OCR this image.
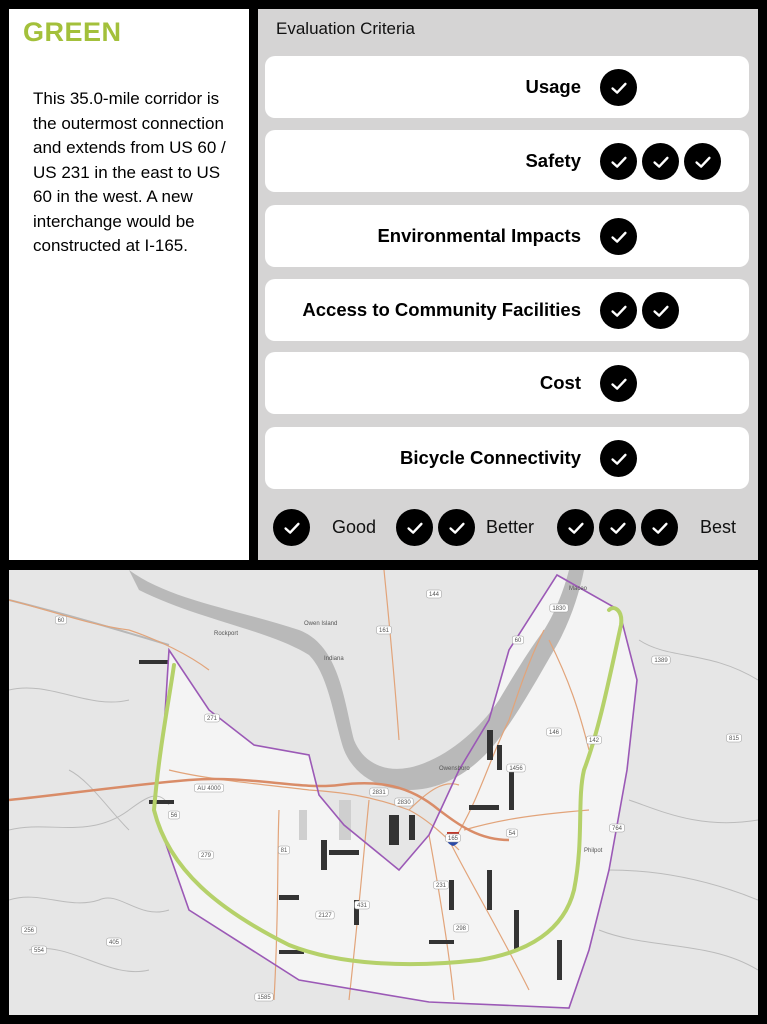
GREEN

This 35.0-mile corridor is the outermost connection and extends from US 60 / US 231 in the east to US 60 in the west. A new interchange would be constructed at I-165.

Evaluation Criteria
Usage
Safety
Environmental Impacts
Access to Community Facilities
Cost
Bicycle Connectivity
Good	Better	Best
60
161
60
1830
1389
56
271
279
81
2127
431
231
298
146
142
1456
54
AU 4000
2831
2830
165
144
764
815
256
554
1585
405
Owensboro
Rockport
Maceo
Philpot
Owen Island
Indiana
